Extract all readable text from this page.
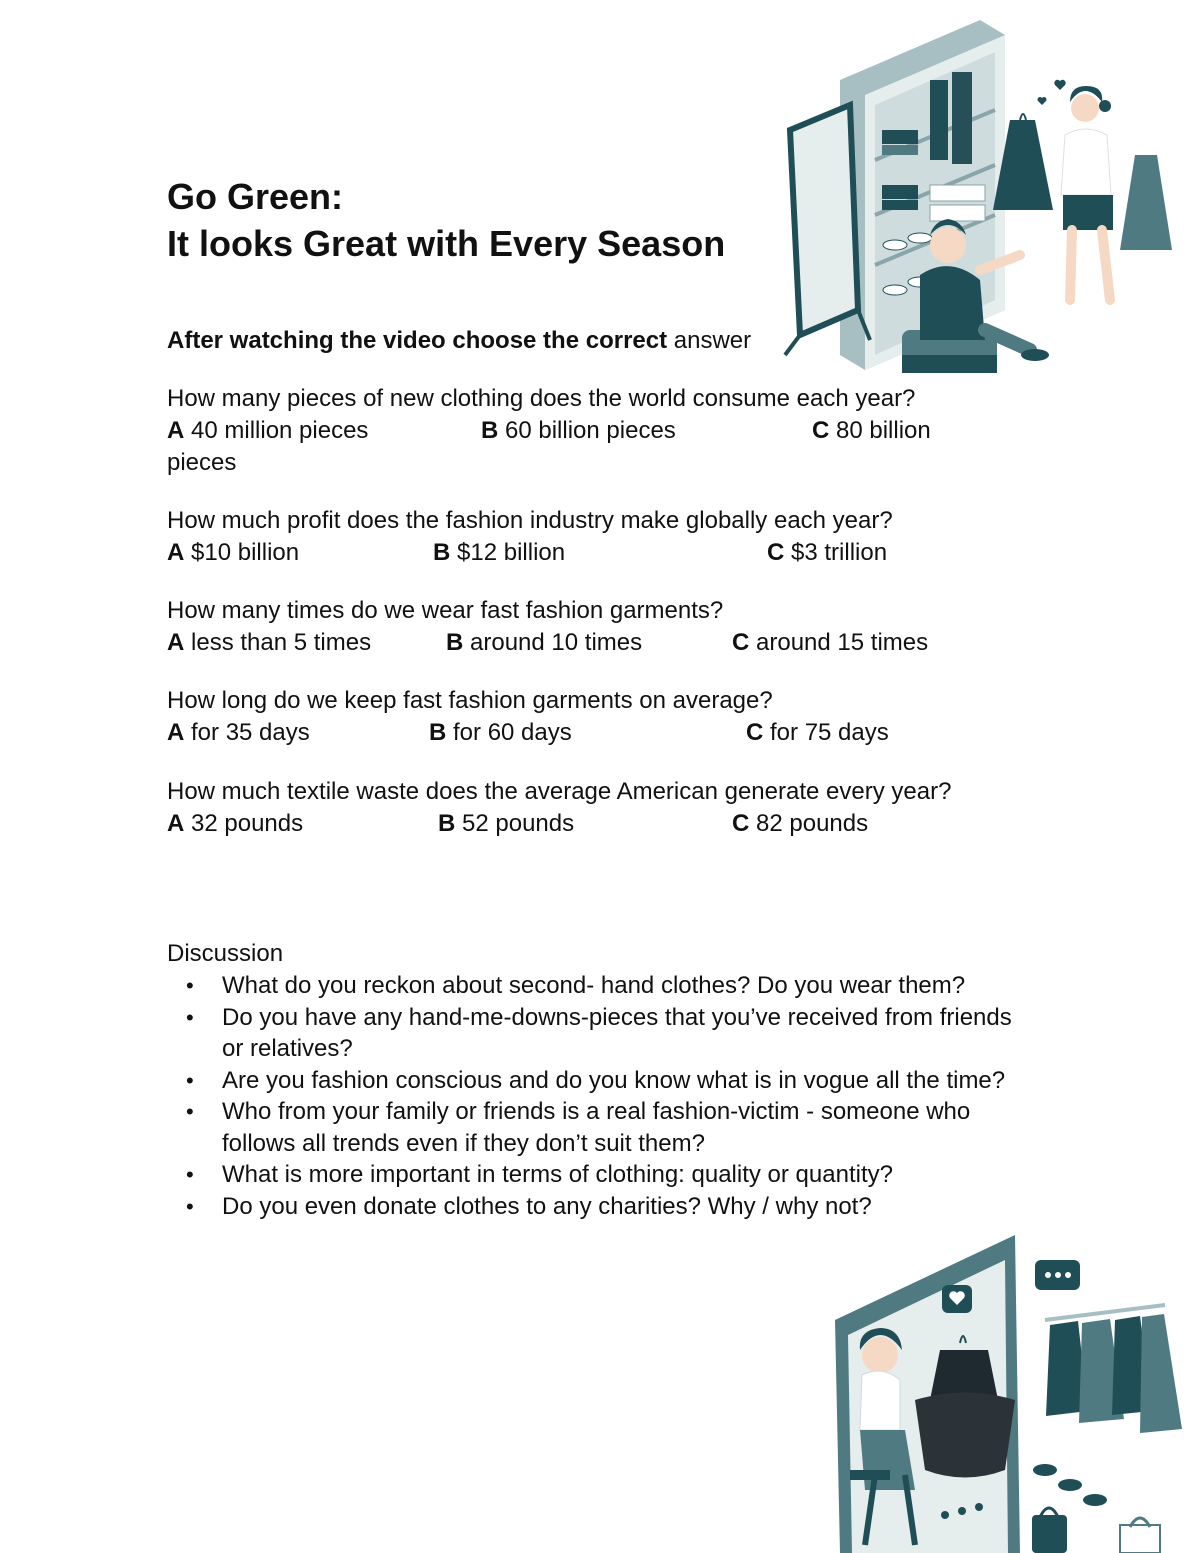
Go Green:
It looks Great with Every Season

After watching the video choose the correct answer

How many pieces of new clothing does the world consume each year?

A 40 million pieces	B 60 billion pieces	C 80 billion

pieces

How much profit does the fashion industry make globally each year?

A $10 billion	B $12 billion	C $3 trillion

How many times do we wear fast fashion garments?

A less than 5 times	B around 10 times	C around 15 times

How long do we keep fast fashion garments on average?

A for 35 days	B for 60 days	C for 75 days

How much textile waste does the average American generate every year?

A 32 pounds	B 52 pounds	C 82 pounds

Discussion

• What do you reckon about second- hand clothes? Do you wear them?
• Do you have any hand-me-downs-pieces that you’ve received from friends or relatives?
• Are you fashion conscious and do you know what is in vogue all the time?
• Who from your family or friends is a real fashion-victim - someone who follows all trends even if they don’t suit them?
• What is more important in terms of clothing: quality or quantity?
• Do you even donate clothes to any charities? Why / why not?
